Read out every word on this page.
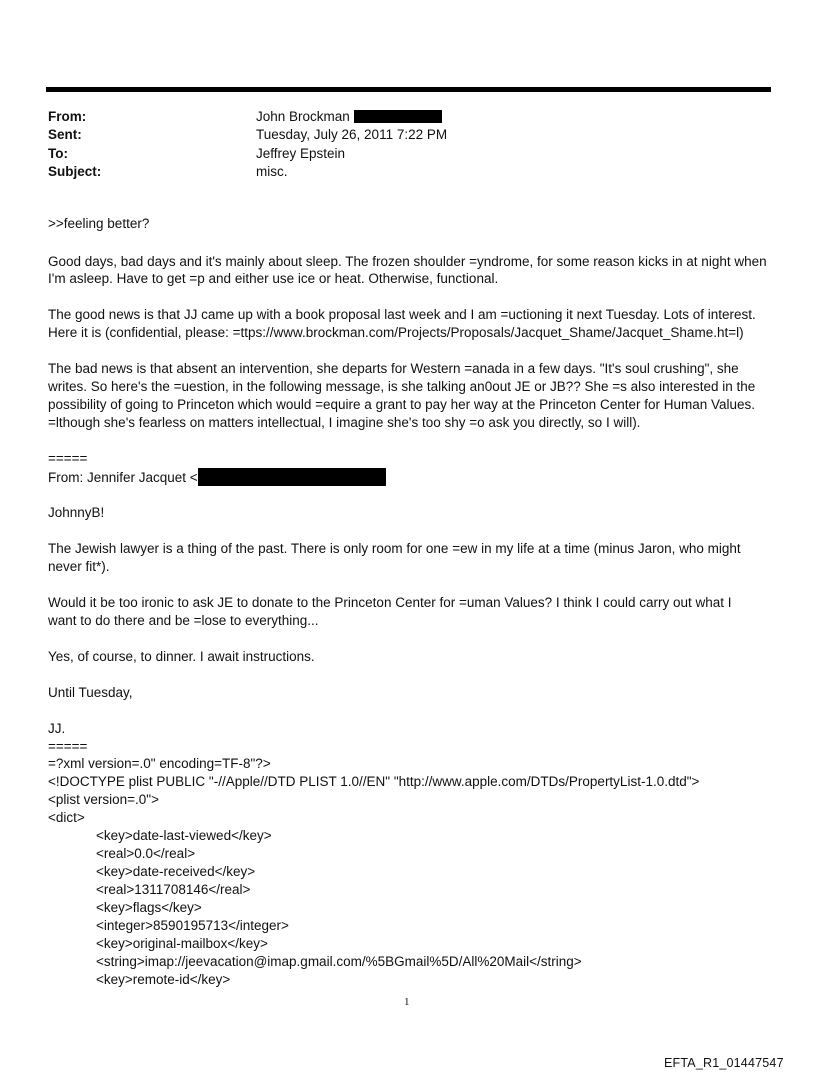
From:	John Brockman
Sent:	Tuesday, July 26, 2011 7:22 PM
To:	Jeffrey Epstein
Subject:	misc.
>>feeling better?
Good days, bad days and it's mainly about sleep. The frozen shoulder =yndrome, for some reason kicks in at night when
I'm asleep. Have to get =p and either use ice or heat. Otherwise, functional.
The good news is that JJ came up with a book proposal last week and I am =uctioning it next Tuesday. Lots of interest.
Here it is (confidential, please: =ttps://www.brockman.com/Projects/Proposals/Jacquet_Shame/Jacquet_Shame.ht=l)
The bad news is that absent an intervention, she departs for Western =anada in a few days. "It's soul crushing", she
writes. So here's the =uestion, in the following message, is she talking an0out JE or JB?? She =s also interested in the
possibility of going to Princeton which would =equire a grant to pay her way at the Princeton Center for Human Values.
=lthough she's fearless on matters intellectual, I imagine she's too shy =o ask you directly, so I will).
=====
From: Jennifer Jacquet <
JohnnyB!
The Jewish lawyer is a thing of the past. There is only room for one =ew in my life at a time (minus Jaron, who might
never fit*).
Would it be too ironic to ask JE to donate to the Princeton Center for =uman Values? I think I could carry out what I
want to do there and be =lose to everything...
Yes, of course, to dinner. I await instructions.
Until Tuesday,
JJ.
=====
=?xml version=.0" encoding=TF-8"?>
<!DOCTYPE plist PUBLIC "-//Apple//DTD PLIST 1.0//EN" "http://www.apple.com/DTDs/PropertyList-1.0.dtd">
<plist version=.0">
<dict>
<key>date-last-viewed</key>
<real>0.0</real>
<key>date-received</key>
<real>1311708146</real>
<key>flags</key>
<integer>8590195713</integer>
<key>original-mailbox</key>
<string>imap://jeevacation@imap.gmail.com/%5BGmail%5D/All%20Mail</string>
<key>remote-id</key>
1
EFTA_R1_01447547
